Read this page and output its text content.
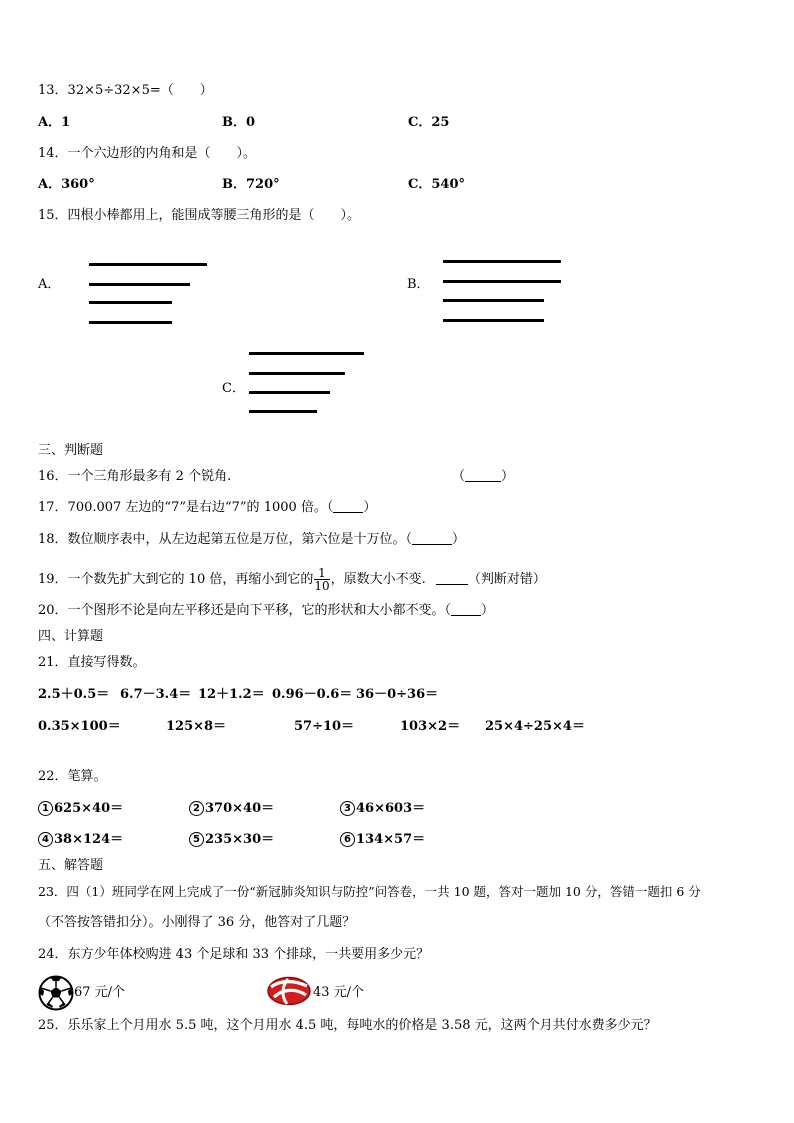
13．32×5÷32×5=（　　）
A．1	B．0	C．25
14．一个六边形的内角和是（　　）。
A．360°	B．720°	C．540°
15．四根小棒都用上，能围成等腰三角形的是（　　）。
A．	B．
C．
三、判断题
16．一个三角形最多有 2 个锐角.	（	）
17．700.007 左边的“7”是右边“7”的 1000 倍。（ ）
18．数位顺序表中，从左边起第五位是万位，第六位是十万位。（	）
19．一个数先扩大到它的 10 倍，再缩小到它的 $\frac{1}{10}$ ，原数大小不变.	（判断对错）
20．一个图形不论是向左平移还是向下平移，它的形状和大小都不变。（ ）
四、计算题
21．直接写得数。
2.5＋0.5＝ 6.7－3.4＝ 12＋1.2＝ 0.96－0.6＝ 36－0÷36＝
0.35×100＝	125×8＝	57÷10＝	103×2＝ 25×4÷25×4＝
22．笔算。
1 625×40＝	2 370×40＝	3 46×603＝
4 38×124＝	5 235×30＝	6 134×57＝
五、解答题
23．四（1）班同学在网上完成了一份“新冠肺炎知识与防控”问答卷，一共 10 题，答对一题加 10 分，答错一题扣 6 分
（不答按答错扣分）。小刚得了 36 分，他答对了几题？
24．东方少年体校购进 43 个足球和 33 个排球，一共要用多少元？
67 元/个	43 元/个
25．乐乐家上个月用水 5.5 吨，这个月用水 4.5 吨，每吨水的价格是 3.58 元，这两个月共付水费多少元？
